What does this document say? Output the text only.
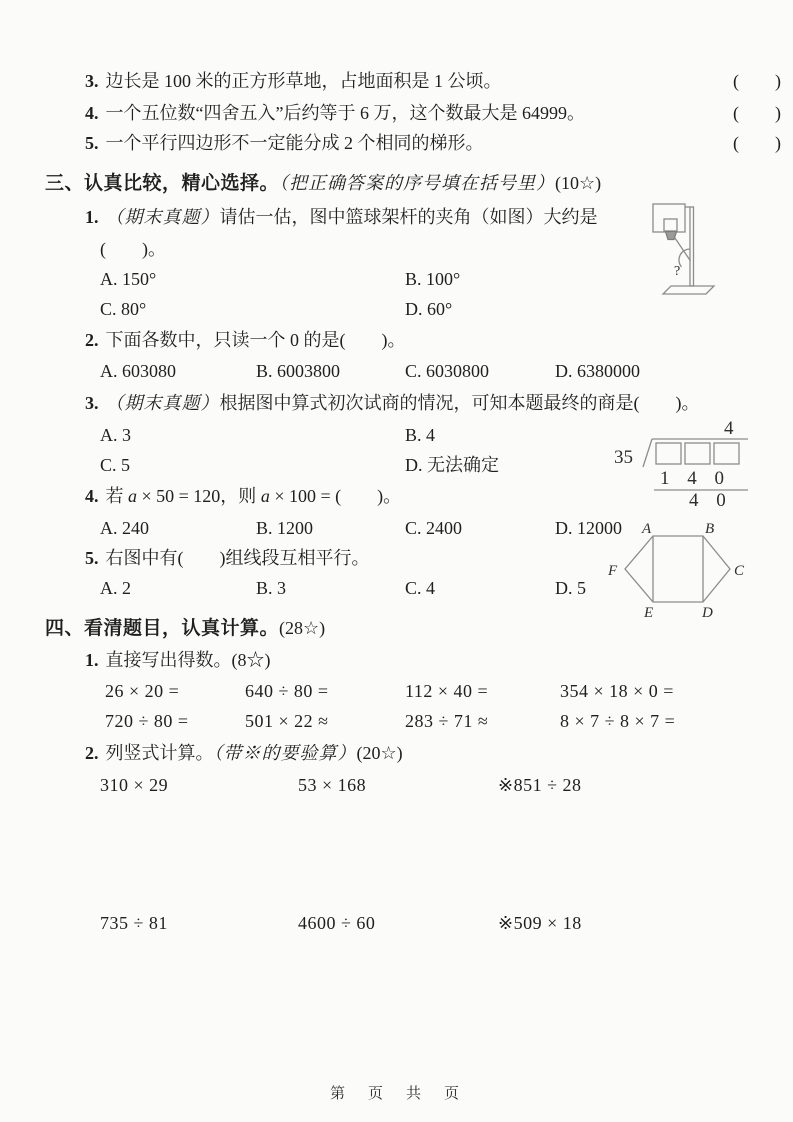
3. 边长是 100 米的正方形草地，占地面积是 1 公顷。	(　　)
4. 一个五位数“四舍五入”后约等于 6 万，这个数最大是 64999。	(　　)
5. 一个平行四边形不一定能分成 2 个相同的梯形。	(　　)
三、认真比较，精心选择。（把正确答案的序号填在括号里）(10☆)
1. （期末真题）请估一估，图中篮球架杆的夹角（如图）大约是
(　　)。
A. 150°	B. 100°
C. 80°	D. 60°
?
2. 下面各数中，只读一个 0 的是(　　)。
A. 603080	B. 6003800	C. 6030800	D. 6380000
3. （期末真题）根据图中算式初次试商的情况，可知本题最终的商是(　　)。
A. 3	B. 4
C. 5	D. 无法确定
4
35
1 4 0
4 0
4. 若 a × 50 = 120，则 a × 100 = (　　)。
A. 240	B. 1200	C. 2400	D. 12000
5. 右图中有(　　)组线段互相平行。
A. 2	B. 3	C. 4	D. 5
A	B
C
D
E
F
四、看清题目，认真计算。(28☆)
1. 直接写出得数。(8☆)
26 × 20 =	640 ÷ 80 =	112 × 40 =	354 × 18 × 0 =
720 ÷ 80 =	501 × 22 ≈	283 ÷ 71 ≈	8 × 7 ÷ 8 × 7 =
2. 列竖式计算。（带※的要验算）(20☆)
310 × 29	53 × 168	※851 ÷ 28
735 ÷ 81	4600 ÷ 60	※509 × 18
第　页　共　页
